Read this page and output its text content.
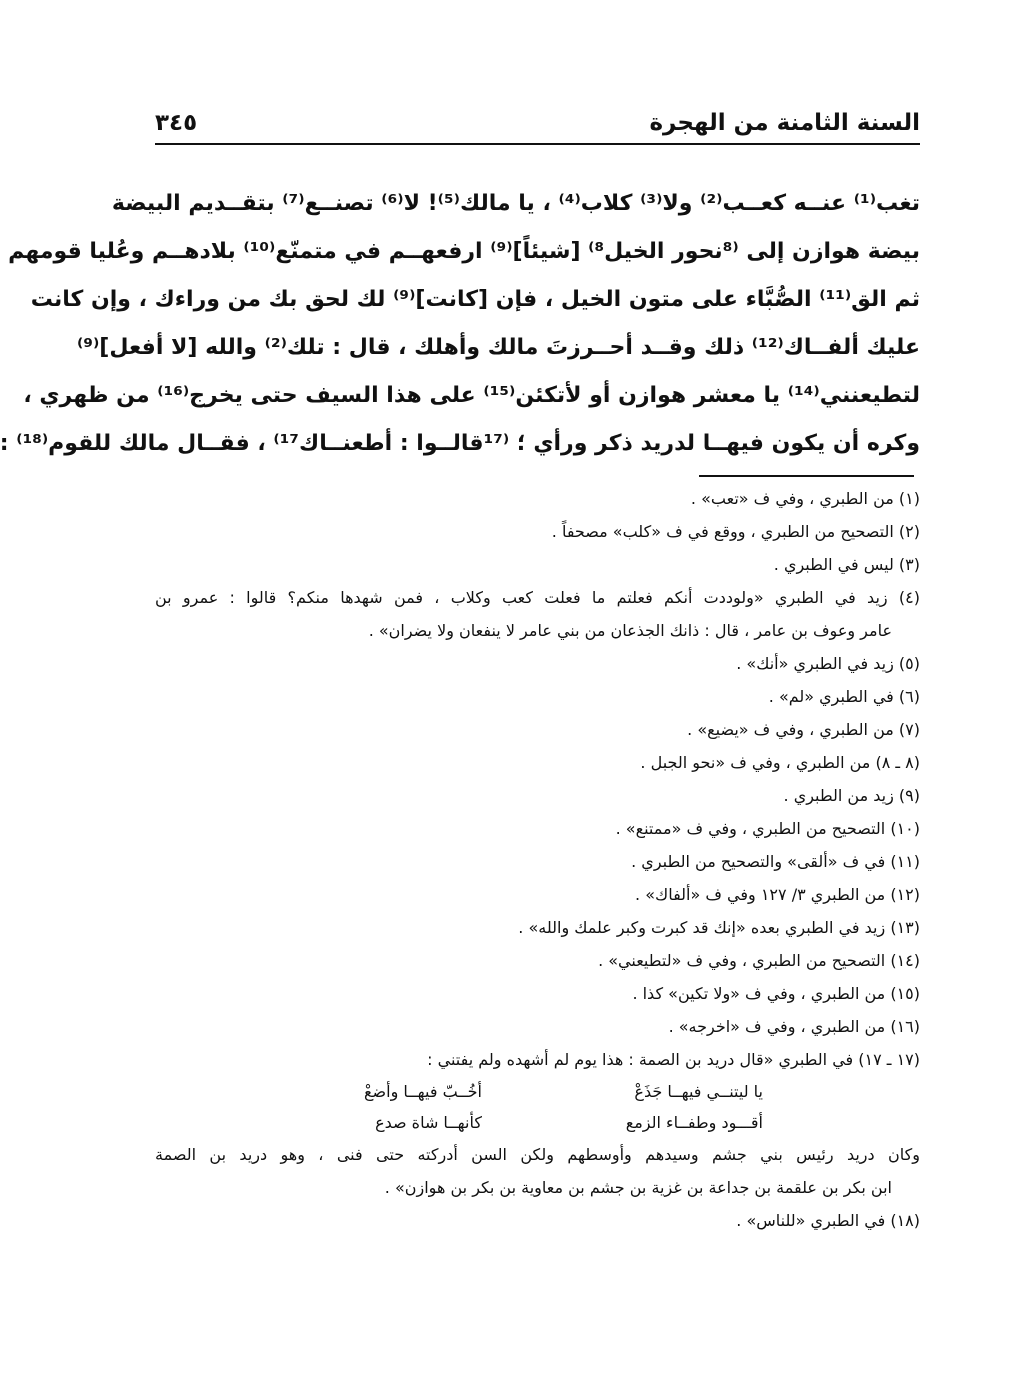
السنة الثامنة من الهجرة
٣٤٥
تغب⁽¹⁾ عنــه كعــب⁽²⁾ ولا⁽³⁾ كلاب⁽⁴⁾ ، يا مالك⁽⁵⁾! لا⁽⁶⁾ تصنــع⁽⁷⁾ بتقــديم البيضة
بيضة هوازن إلى ⁽⁸نحور الخيل⁸⁾ [شيئاً]⁽⁹⁾ ارفعهــم في متمنّع⁽¹⁰⁾ بلادهــم وعُليا قومهم
ثم الق⁽¹¹⁾ الصُّبَّاء على متون الخيل ، فإن [كانت]⁽⁹⁾ لك لحق بك من وراءك ، وإن كانت
عليك ألفــاك⁽¹²⁾ ذلك وقــد أحــرزتَ مالك وأهلك ، قال : تلك⁽²⁾ والله [لا أفعل]⁽⁹⁾
لتطيعنني⁽¹⁴⁾ يا معشر هوازن أو لأتكئن⁽¹⁵⁾ على هذا السيف حتى يخرج⁽¹⁶⁾ من ظهري ،
وكره أن يكون فيهــا لدريد ذكر ورأي ؛ ⁽¹⁷قالــوا : أطعنــاك¹⁷⁾ ، فقــال مالك للقوم⁽¹⁸⁾ :
(١) من الطبري ، وفي ف «تعب» .
(٢) التصحيح من الطبري ، ووقع في ف «كلب» مصحفاً .
(٣) ليس في الطبري .
(٤) زيد في الطبري «ولوددت أنكم فعلتم ما فعلت كعب وكلاب ، فمن شهدها منكم؟ قالوا : عمرو بن
عامر وعوف بن عامر ، قال : ذانك الجذعان من بني عامر لا ينفعان ولا يضران» .
(٥) زيد في الطبري «أنك» .
(٦) في الطبري «لم» .
(٧) من الطبري ، وفي ف «يضيع» .
(٨ ـ ٨) من الطبري ، وفي ف «نحو الجبل .
(٩) زيد من الطبري .
(١٠) التصحيح من الطبري ، وفي ف «ممتنع» .
(١١) في ف «ألقى» والتصحيح من الطبري .
(١٢) من الطبري ٣/ ١٢٧ وفي ف «ألفاك» .
(١٣) زيد في الطبري بعده «إنك قد كبرت وكبر علمك والله» .
(١٤) التصحيح من الطبري ، وفي ف «لتطيعني» .
(١٥) من الطبري ، وفي ف «ولا تكين» كذا .
(١٦) من الطبري ، وفي ف «اخرجه» .
(١٧ ـ ١٧) في الطبري «قال دريد بن الصمة : هذا يوم لم أشهده ولم يفتني :
يا ليتنــي فيهــا جَذَعْ
أخُــبّ فيهــا وأضعْ
أقـــود وطفــاء الزمع
كأنهــا شاة صدع
وكان دريد رئيس بني جشم وسيدهم وأوسطهم ولكن السن أدركته حتى فنى ، وهو دريد بن الصمة
ابن بكر بن علقمة بن جداعة بن غزية بن جشم بن معاوية بن بكر بن هوازن» .
(١٨) في الطبري «للناس» .
